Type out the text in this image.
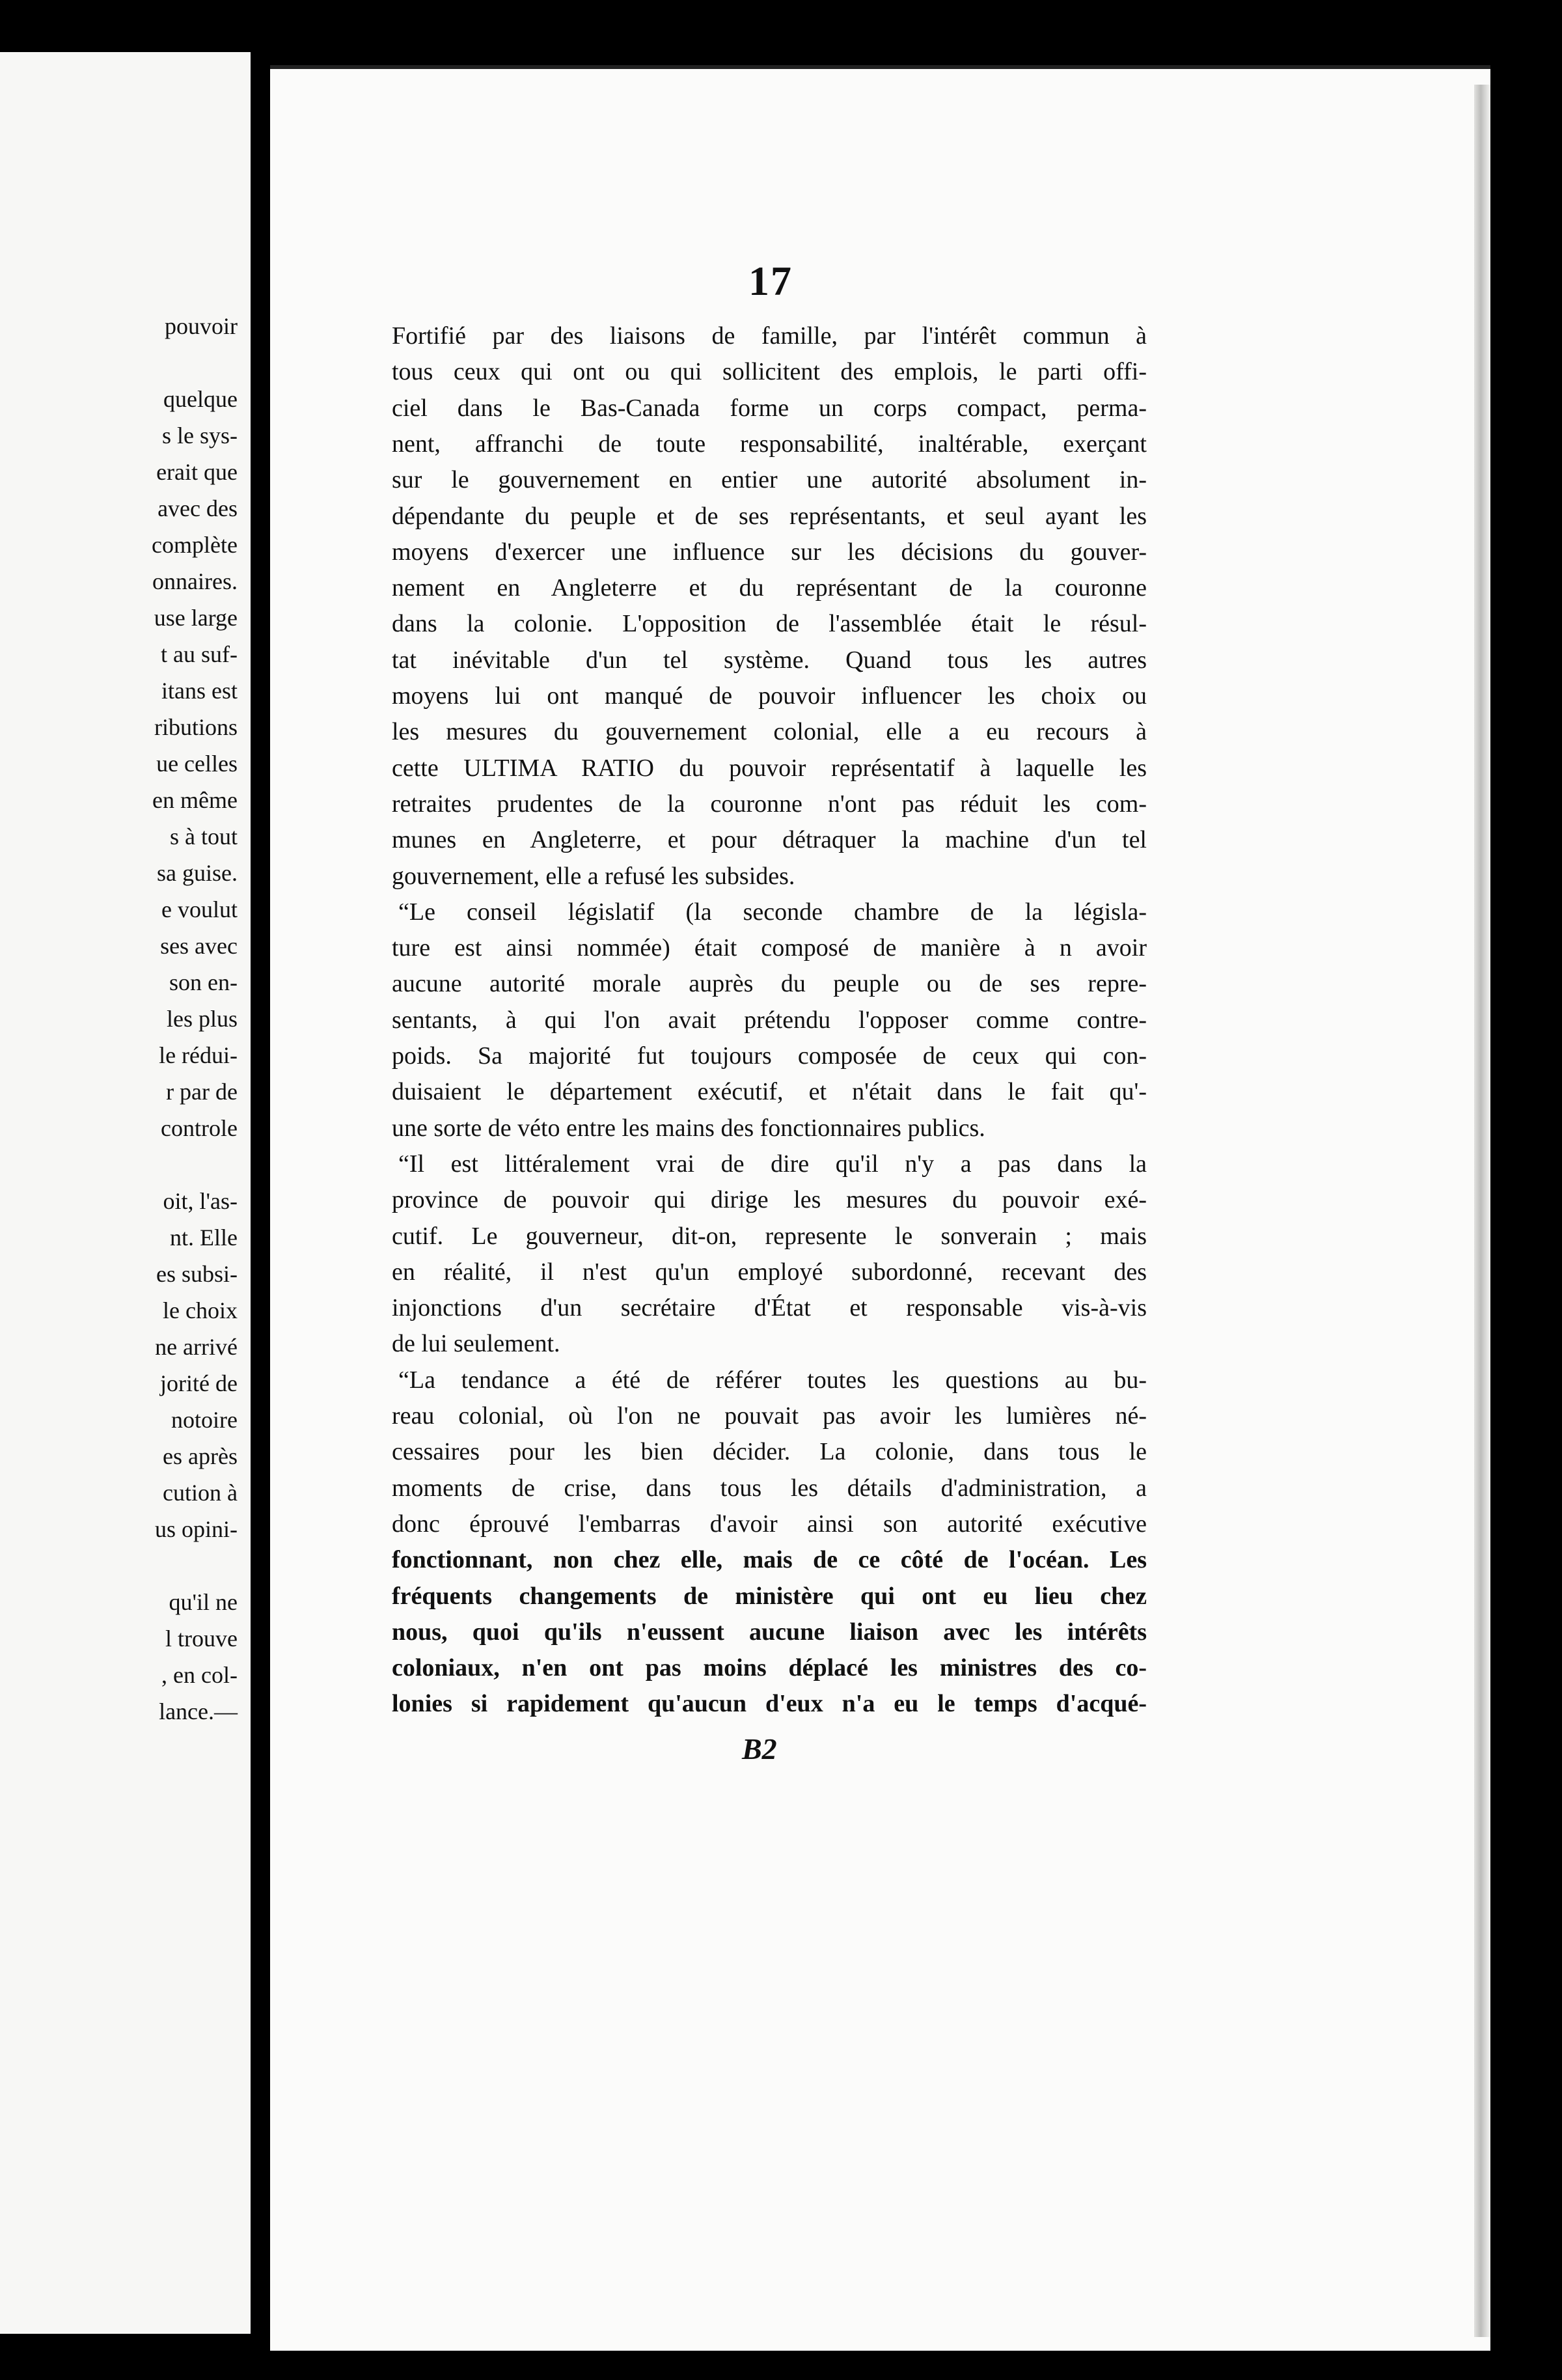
pouvoir
quelque
s le sys-
erait que
avec des
complète
onnaires.
use large
t au suf-
itans est
ributions
ue celles
en même
s à tout
sa guise.
e voulut
ses avec
son en-
les plus
le rédui-
r par de
controle
oit, l'as-
nt. Elle
es subsi-
le choix
ne arrivé
jorité de
notoire
es après
cution à
us opini-
qu'il ne
l trouve
, en col-
lance.—
17
Fortifié par des liaisons de famille, par l'intérêt commun à
tous ceux qui ont ou qui sollicitent des emplois, le parti offi-
ciel dans le Bas-Canada forme un corps compact, perma-
nent, affranchi de toute responsabilité, inaltérable, exerçant
sur le gouvernement en entier une autorité absolument in-
dépendante du peuple et de ses représentants, et seul ayant les
moyens d'exercer une influence sur les décisions du gouver-
nement en Angleterre et du représentant de la couronne
dans la colonie. L'opposition de l'assemblée était le résul-
tat inévitable d'un tel système. Quand tous les autres
moyens lui ont manqué de pouvoir influencer les choix ou
les mesures du gouvernement colonial, elle a eu recours à
cette ULTIMA RATIO du pouvoir représentatif à laquelle les
retraites prudentes de la couronne n'ont pas réduit les com-
munes en Angleterre, et pour détraquer la machine d'un tel
gouvernement, elle a refusé les subsides.
“Le conseil législatif (la seconde chambre de la législa-
ture est ainsi nommée) était composé de manière à n avoir
aucune autorité morale auprès du peuple ou de ses repre-
sentants, à qui l'on avait prétendu l'opposer comme contre-
poids. Sa majorité fut toujours composée de ceux qui con-
duisaient le département exécutif, et n'était dans le fait qu'-
une sorte de véto entre les mains des fonctionnaires publics.
“Il est littéralement vrai de dire qu'il n'y a pas dans la
province de pouvoir qui dirige les mesures du pouvoir exé-
cutif. Le gouverneur, dit-on, represente le sonverain ; mais
en réalité, il n'est qu'un employé subordonné, recevant des
injonctions d'un secrétaire d'État et responsable vis-à-vis
de lui seulement.
“La tendance a été de référer toutes les questions au bu-
reau colonial, où l'on ne pouvait pas avoir les lumières né-
cessaires pour les bien décider. La colonie, dans tous le
moments de crise, dans tous les détails d'administration, a
donc éprouvé l'embarras d'avoir ainsi son autorité exécutive
fonctionnant, non chez elle, mais de ce côté de l'océan. Les
fréquents changements de ministère qui ont eu lieu chez
nous, quoi qu'ils n'eussent aucune liaison avec les intérêts
coloniaux, n'en ont pas moins déplacé les ministres des co-
lonies si rapidement qu'aucun d'eux n'a eu le temps d'acqué-
B2
